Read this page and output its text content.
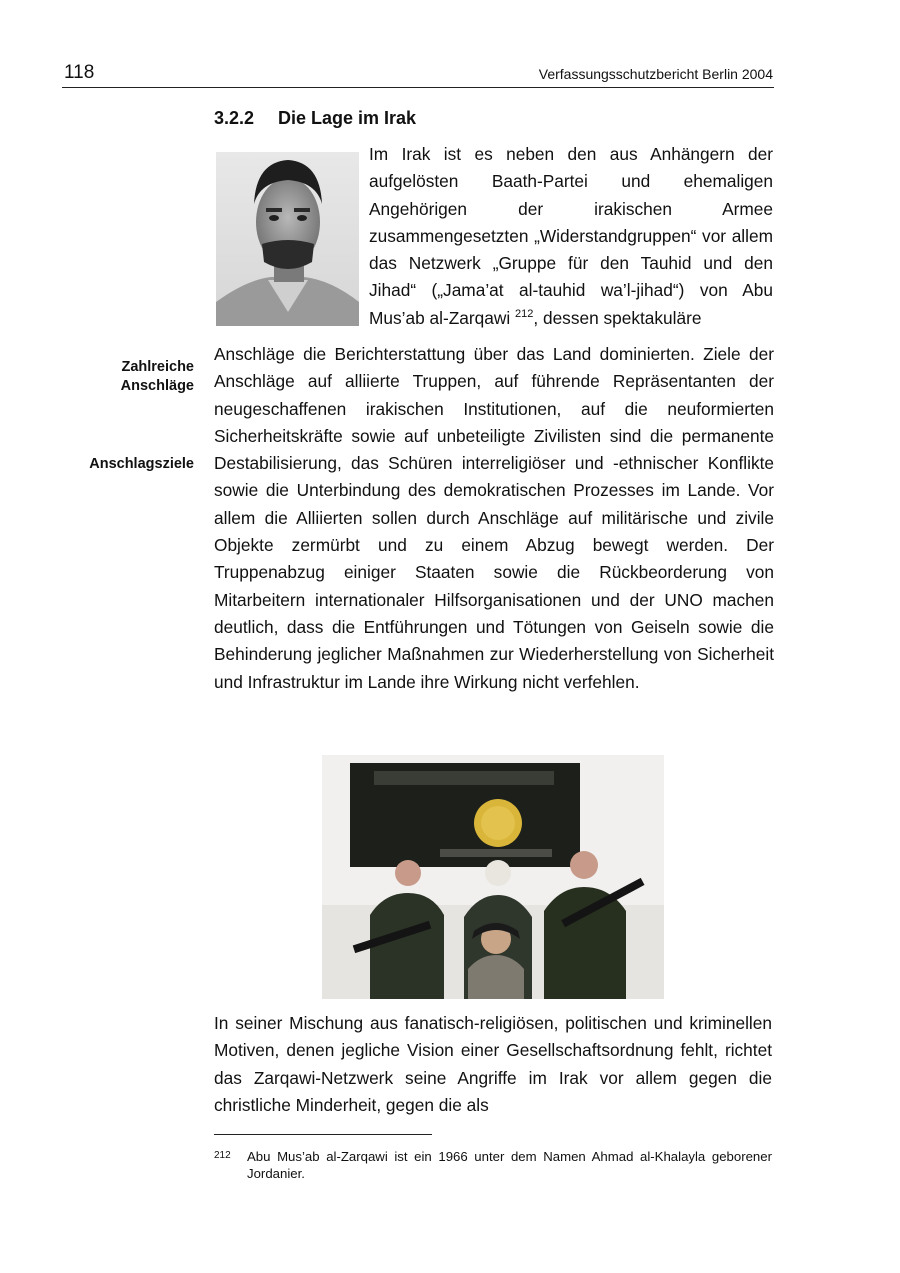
118	Verfassungsschutzbericht Berlin 2004
3.2.2 Die Lage im Irak

Im Irak ist es neben den aus Anhängern der aufgelösten Baath-Partei und ehemaligen Angehörigen der irakischen Armee zusammengesetzten „Widerstandgruppen“ vor allem das Netzwerk „Gruppe für den Tauhid und den Jihad“ („Jama’at al-tauhid wa’l-jihad“) von Abu Mus’ab al-Zarqawi $^{212}$, dessen spektakuläre

Zahlreiche
Anschläge
Anschlagsziele

Anschläge die Berichterstattung über das Land dominierten. Ziele der Anschläge auf alliierte Truppen, auf führende Repräsentanten der neugeschaffenen irakischen Institutionen, auf die neuformierten Sicherheitskräfte sowie auf unbeteiligte Zivilisten sind die permanente Destabilisierung, das Schüren interreligiöser und -ethnischer Konflikte sowie die Unterbindung des demokratischen Prozesses im Lande. Vor allem die Alliierten sollen durch Anschläge auf militärische und zivile Objekte zermürbt und zu einem Abzug bewegt werden. Der Truppenabzug einiger Staaten sowie die Rückbeorderung von Mitarbeitern internationaler Hilfsorganisationen und der UNO machen deutlich, dass die Entführungen und Tötungen von Geiseln sowie die Behinderung jeglicher Maßnahmen zur Wiederherstellung von Sicherheit und Infrastruktur im Lande ihre Wirkung nicht verfehlen.

In seiner Mischung aus fanatisch-religiösen, politischen und kriminellen Motiven, denen jegliche Vision einer Gesellschaftsordnung fehlt, richtet das Zarqawi-Netzwerk seine Angriffe im Irak vor allem gegen die christliche Minderheit, gegen die als

212 Abu Mus’ab al-Zarqawi ist ein 1966 unter dem Namen Ahmad al-Khalayla geborener Jordanier.
